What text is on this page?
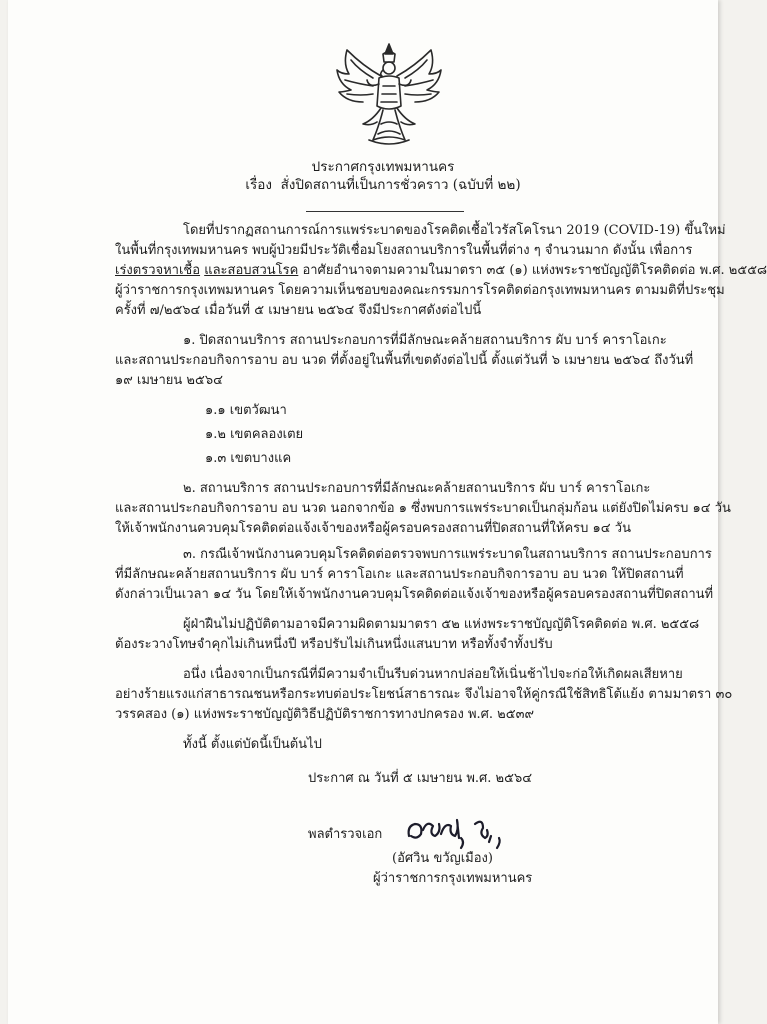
ประกาศกรุงเทพมหานคร
เรื่อง สั่งปิดสถานที่เป็นการชั่วคราว (ฉบับที่ ๒๒)
โดยที่ปรากฏสถานการณ์การแพร่ระบาดของโรคติดเชื้อไวรัสโคโรนา 2019 (COVID-19) ขึ้นใหม่
ในพื้นที่กรุงเทพมหานคร พบผู้ป่วยมีประวัติเชื่อมโยงสถานบริการในพื้นที่ต่าง ๆ จำนวนมาก ดังนั้น เพื่อการ
เร่งตรวจหาเชื้อ และสอบสวนโรค อาศัยอำนาจตามความในมาตรา ๓๕ (๑) แห่งพระราชบัญญัติโรคติดต่อ พ.ศ. ๒๕๕๘
ผู้ว่าราชการกรุงเทพมหานคร โดยความเห็นชอบของคณะกรรมการโรคติดต่อกรุงเทพมหานคร ตามมติที่ประชุม
ครั้งที่ ๗/๒๕๖๔ เมื่อวันที่ ๕ เมษายน ๒๕๖๔ จึงมีประกาศดังต่อไปนี้
๑. ปิดสถานบริการ สถานประกอบการที่มีลักษณะคล้ายสถานบริการ ผับ บาร์ คาราโอเกะ
และสถานประกอบกิจการอาบ อบ นวด ที่ตั้งอยู่ในพื้นที่เขตดังต่อไปนี้ ตั้งแต่วันที่ ๖ เมษายน ๒๕๖๔ ถึงวันที่
๑๙ เมษายน ๒๕๖๔
๑.๑ เขตวัฒนา
๑.๒ เขตคลองเตย
๑.๓ เขตบางแค
๒. สถานบริการ สถานประกอบการที่มีลักษณะคล้ายสถานบริการ ผับ บาร์ คาราโอเกะ
และสถานประกอบกิจการอาบ อบ นวด นอกจากข้อ ๑ ซึ่งพบการแพร่ระบาดเป็นกลุ่มก้อน แต่ยังปิดไม่ครบ ๑๔ วัน
ให้เจ้าพนักงานควบคุมโรคติดต่อแจ้งเจ้าของหรือผู้ครอบครองสถานที่ปิดสถานที่ให้ครบ ๑๔ วัน
๓. กรณีเจ้าพนักงานควบคุมโรคติดต่อตรวจพบการแพร่ระบาดในสถานบริการ สถานประกอบการ
ที่มีลักษณะคล้ายสถานบริการ ผับ บาร์ คาราโอเกะ และสถานประกอบกิจการอาบ อบ นวด ให้ปิดสถานที่
ดังกล่าวเป็นเวลา ๑๔ วัน โดยให้เจ้าพนักงานควบคุมโรคติดต่อแจ้งเจ้าของหรือผู้ครอบครองสถานที่ปิดสถานที่
ผู้ฝ่าฝืนไม่ปฏิบัติตามอาจมีความผิดตามมาตรา ๕๒ แห่งพระราชบัญญัติโรคติดต่อ พ.ศ. ๒๕๕๘
ต้องระวางโทษจำคุกไม่เกินหนึ่งปี หรือปรับไม่เกินหนึ่งแสนบาท หรือทั้งจำทั้งปรับ
อนึ่ง เนื่องจากเป็นกรณีที่มีความจำเป็นรีบด่วนหากปล่อยให้เนิ่นช้าไปจะก่อให้เกิดผลเสียหาย
อย่างร้ายแรงแก่สาธารณชนหรือกระทบต่อประโยชน์สาธารณะ จึงไม่อาจให้คู่กรณีใช้สิทธิโต้แย้ง ตามมาตรา ๓๐
วรรคสอง (๑) แห่งพระราชบัญญัติวิธีปฏิบัติราชการทางปกครอง พ.ศ. ๒๕๓๙
ทั้งนี้ ตั้งแต่บัดนี้เป็นต้นไป
ประกาศ ณ วันที่ ๕ เมษายน พ.ศ. ๒๕๖๔
พลตำรวจเอก
(อัศวิน ขวัญเมือง)
ผู้ว่าราชการกรุงเทพมหานคร
